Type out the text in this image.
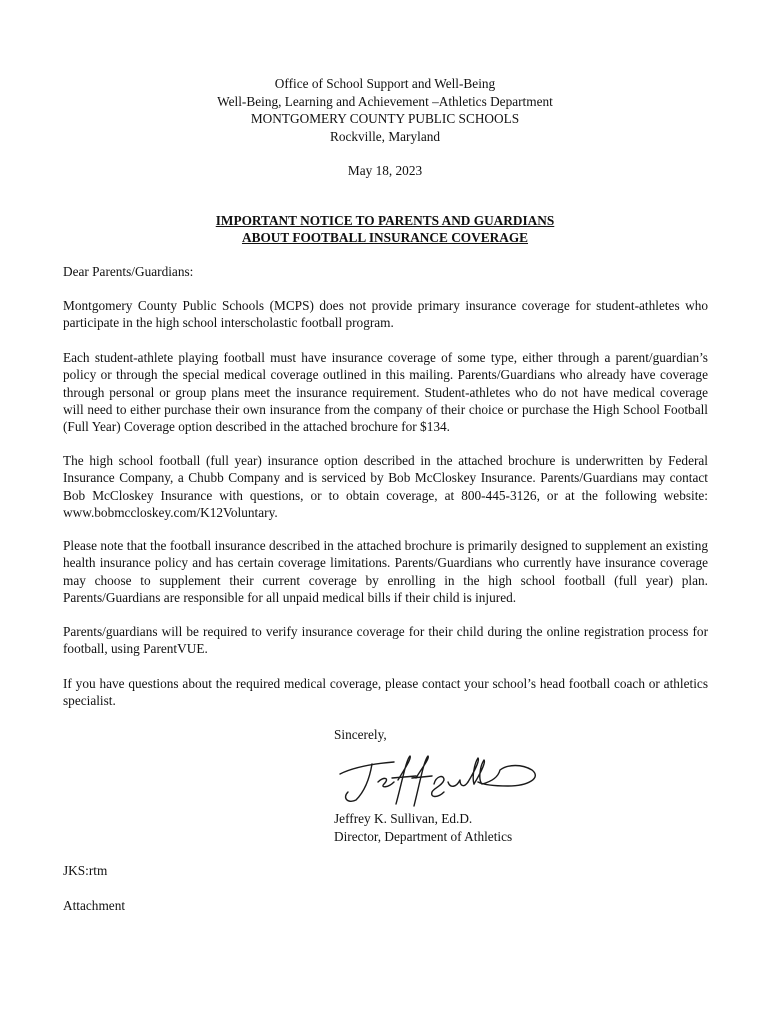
Office of School Support and Well-Being
Well-Being, Learning and Achievement –Athletics Department
MONTGOMERY COUNTY PUBLIC SCHOOLS
Rockville, Maryland
May 18, 2023
IMPORTANT NOTICE TO PARENTS AND GUARDIANS
ABOUT FOOTBALL INSURANCE COVERAGE

Dear Parents/Guardians:

Montgomery County Public Schools (MCPS) does not provide primary insurance coverage for student-athletes who participate in the high school interscholastic football program.

Each student-athlete playing football must have insurance coverage of some type, either through a parent/guardian’s policy or through the special medical coverage outlined in this mailing. Parents/Guardians who already have coverage through personal or group plans meet the insurance requirement. Student-athletes who do not have medical coverage will need to either purchase their own insurance from the company of their choice or purchase the High School Football (Full Year) Coverage option described in the attached brochure for $134.

The high school football (full year) insurance option described in the attached brochure is underwritten by Federal Insurance Company, a Chubb Company and is serviced by Bob McCloskey Insurance. Parents/Guardians may contact Bob McCloskey Insurance with questions, or to obtain coverage, at 800-445-3126, or at the following website: www.bobmccloskey.com/K12Voluntary.

Please note that the football insurance described in the attached brochure is primarily designed to supplement an existing health insurance policy and has certain coverage limitations. Parents/Guardians who currently have insurance coverage may choose to supplement their current coverage by enrolling in the high school football (full year) plan. Parents/Guardians are responsible for all unpaid medical bills if their child is injured.

Parents/guardians will be required to verify insurance coverage for their child during the online registration process for football, using ParentVUE.

If you have questions about the required medical coverage, please contact your school’s head football coach or athletics specialist.

Sincerely,
Jeffrey K. Sullivan, Ed.D.
Director, Department of Athletics
JKS:rtm
Attachment
